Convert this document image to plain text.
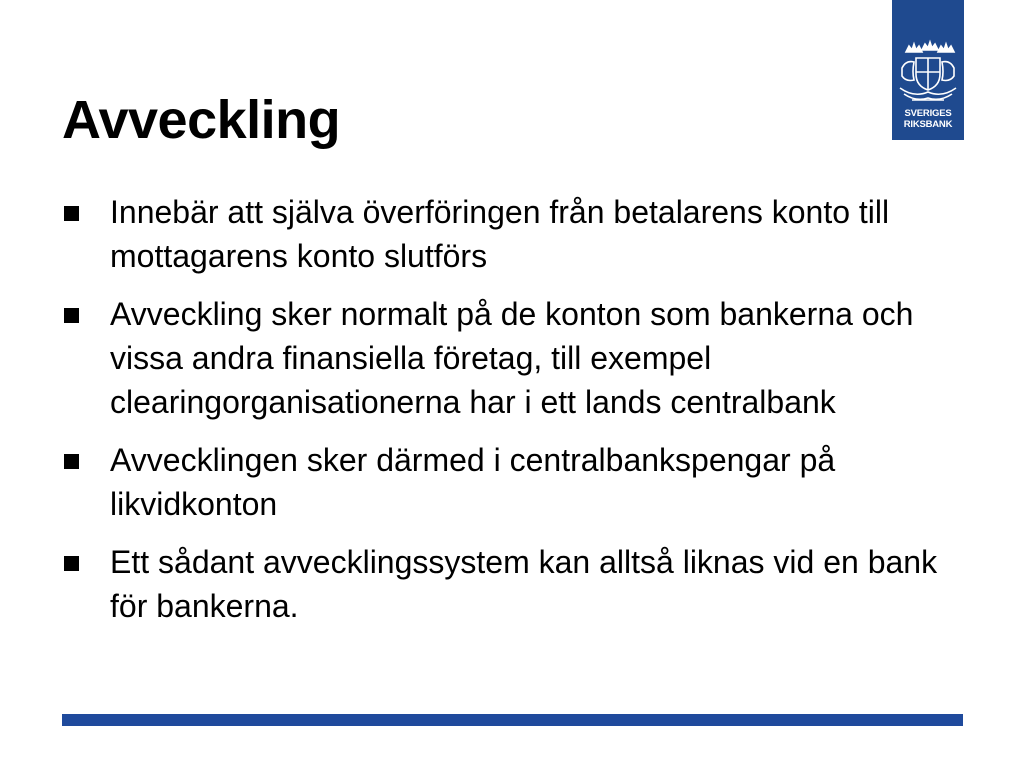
Avveckling	SVERIGES
RIKSBANK
Innebär att själva överföringen från betalarens konto till mottagarens konto slutförs
Avveckling sker normalt på de konton som bankerna och vissa andra finansiella företag, till exempel clearingorganisationerna har i ett lands centralbank
Avvecklingen sker därmed i centralbankspengar på likvidkonton
Ett sådant avvecklingssystem kan alltså liknas vid en bank för bankerna.
